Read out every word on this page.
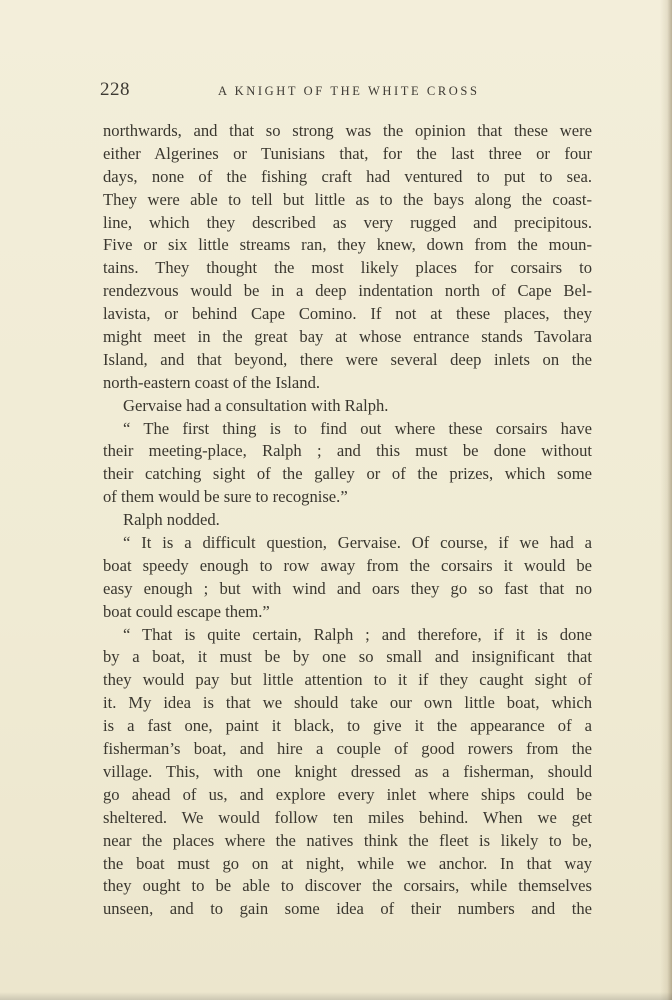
228	A KNIGHT OF THE WHITE CROSS
northwards, and that so strong was the opinion that these were
either Algerines or Tunisians that, for the last three or four
days, none of the fishing craft had ventured to put to sea.
They were able to tell but little as to the bays along the coast-
line, which they described as very rugged and precipitous.
Five or six little streams ran, they knew, down from the moun-
tains. They thought the most likely places for corsairs to
rendezvous would be in a deep indentation north of Cape Bel-
lavista, or behind Cape Comino. If not at these places, they
might meet in the great bay at whose entrance stands Tavolara
Island, and that beyond, there were several deep inlets on the
north-eastern coast of the Island.
Gervaise had a consultation with Ralph.
“ The first thing is to find out where these corsairs have
their meeting-place, Ralph ; and this must be done without
their catching sight of the galley or of the prizes, which some
of them would be sure to recognise.”
Ralph nodded.
“ It is a difficult question, Gervaise. Of course, if we had a
boat speedy enough to row away from the corsairs it would be
easy enough ; but with wind and oars they go so fast that no
boat could escape them.”
“ That is quite certain, Ralph ; and therefore, if it is done
by a boat, it must be by one so small and insignificant that
they would pay but little attention to it if they caught sight of
it. My idea is that we should take our own little boat, which
is a fast one, paint it black, to give it the appearance of a
fisherman’s boat, and hire a couple of good rowers from the
village. This, with one knight dressed as a fisherman, should
go ahead of us, and explore every inlet where ships could be
sheltered. We would follow ten miles behind. When we get
near the places where the natives think the fleet is likely to be,
the boat must go on at night, while we anchor. In that way
they ought to be able to discover the corsairs, while themselves
unseen, and to gain some idea of their numbers and the
